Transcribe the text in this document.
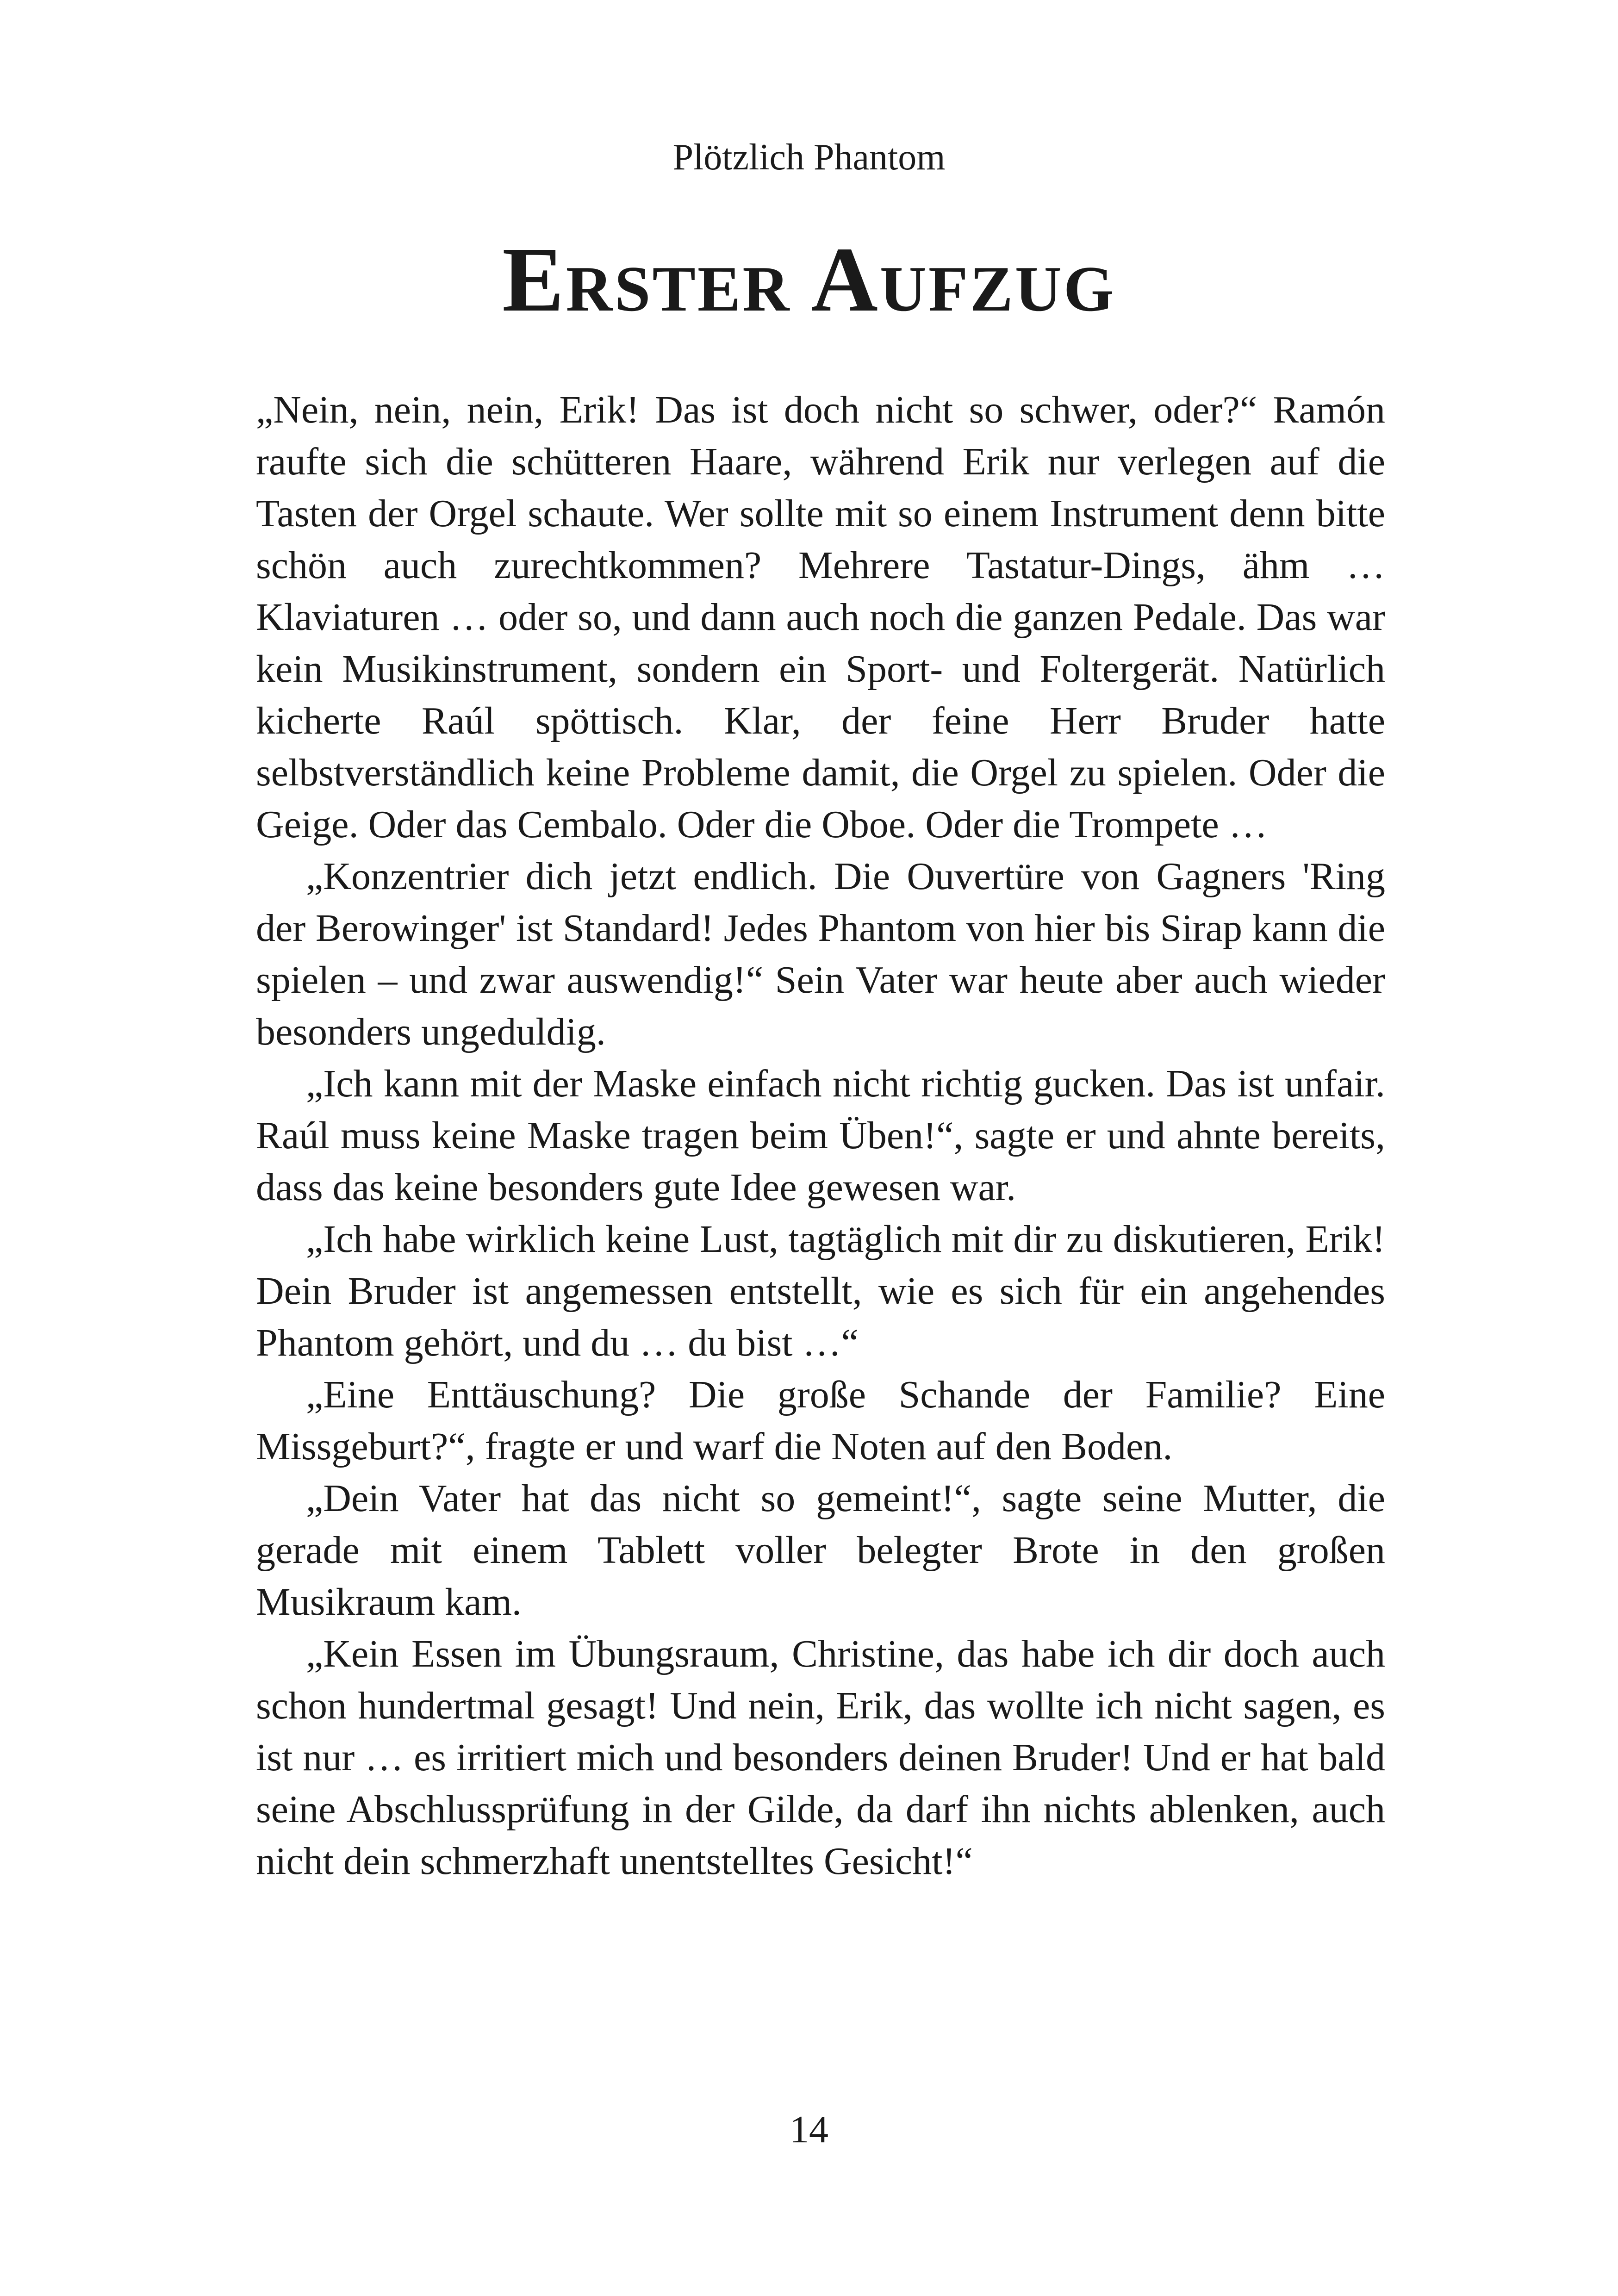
Plötzlich Phantom
Erster Aufzug

„Nein, nein, nein, Erik! Das ist doch nicht so schwer, oder?“ Ramón raufte sich die schütteren Haare, während Erik nur verlegen auf die Tasten der Orgel schaute. Wer sollte mit so einem Instrument denn bitte schön auch zurechtkommen? Mehrere Tastatur-Dings, ähm … Klaviaturen … oder so, und dann auch noch die ganzen Pedale. Das war kein Musikinstrument, sondern ein Sport- und Foltergerät. Natürlich kicherte Raúl spöttisch. Klar, der feine Herr Bruder hatte selbstverständlich keine Probleme damit, die Orgel zu spielen. Oder die Geige. Oder das Cembalo. Oder die Oboe. Oder die Trompete …

„Konzentrier dich jetzt endlich. Die Ouvertüre von Gagners 'Ring der Berowinger' ist Standard! Jedes Phantom von hier bis Sirap kann die spielen – und zwar auswendig!“ Sein Vater war heute aber auch wieder besonders ungeduldig.

„Ich kann mit der Maske einfach nicht richtig gucken. Das ist unfair. Raúl muss keine Maske tragen beim Üben!“, sagte er und ahnte bereits, dass das keine besonders gute Idee gewesen war.

„Ich habe wirklich keine Lust, tagtäglich mit dir zu diskutieren, Erik! Dein Bruder ist angemessen entstellt, wie es sich für ein angehendes Phantom gehört, und du … du bist …“

„Eine Enttäuschung? Die große Schande der Familie? Eine Missgeburt?“, fragte er und warf die Noten auf den Boden.

„Dein Vater hat das nicht so gemeint!“, sagte seine Mutter, die gerade mit einem Tablett voller belegter Brote in den großen Musikraum kam.

„Kein Essen im Übungsraum, Christine, das habe ich dir doch auch schon hundertmal gesagt! Und nein, Erik, das wollte ich nicht sagen, es ist nur … es irritiert mich und besonders deinen Bruder! Und er hat bald seine Abschlussprüfung in der Gilde, da darf ihn nichts ablenken, auch nicht dein schmerzhaft unentstelltes Gesicht!“

14
